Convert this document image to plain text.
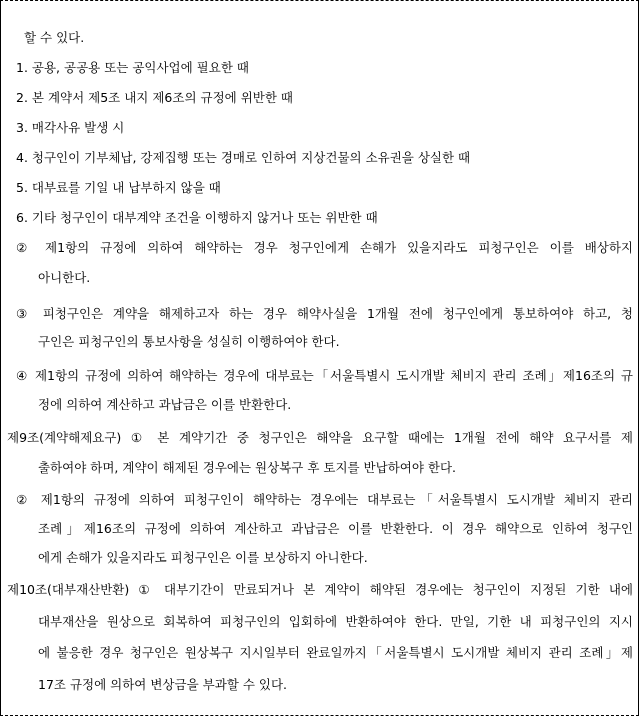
할 수 있다.
1. 공용, 공공용 또는 공익사업에 필요한 때
2. 본 계약서 제5조 내지 제6조의 규정에 위반한 때
3. 매각사유 발생 시
4. 청구인이 기부체납, 강제집행 또는 경매로 인하여 지상건물의 소유권을 상실한 때
5. 대부료를 기일 내 납부하지 않을 때
6. 기타 청구인이 대부계약 조건을 이행하지 않거나 또는 위반한 때
② 제1항의 규정에 의하여 해약하는 경우 청구인에게 손해가 있을지라도 피청구인은 이를 배상하지
아니한다.
③ 피청구인은 계약을 해제하고자 하는 경우 해약사실을 1개월 전에 청구인에게 통보하여야 하고, 청
구인은 피청구인의 통보사항을 성실히 이행하여야 한다.
④ 제1항의 규정에 의하여 해약하는 경우에 대부료는「서울특별시 도시개발 체비지 관리 조례」제16조의 규
정에 의하여 계산하고 과납금은 이를 반환한다.
제9조(계약해제요구) ① 본 계약기간 중 청구인은 해약을 요구할 때에는 1개월 전에 해약 요구서를 제
출하여야 하며, 계약이 해제된 경우에는 원상복구 후 토지를 반납하여야 한다.
② 제1항의 규정에 의하여 피청구인이 해약하는 경우에는 대부료는「서울특별시 도시개발 체비지 관리
조례」제16조의 규정에 의하여 계산하고 과납금은 이를 반환한다. 이 경우 해약으로 인하여 청구인
에게 손해가 있을지라도 피청구인은 이를 보상하지 아니한다.
제10조(대부재산반환) ① 대부기간이 만료되거나 본 계약이 해약된 경우에는 청구인이 지정된 기한 내에
대부재산을 원상으로 회복하여 피청구인의 입회하에 반환하여야 한다. 만일, 기한 내 피청구인의 지시
에 불응한 경우 청구인은 원상복구 지시일부터 완료일까지「서울특별시 도시개발 체비지 관리 조례」제
17조 규정에 의하여 변상금을 부과할 수 있다.
